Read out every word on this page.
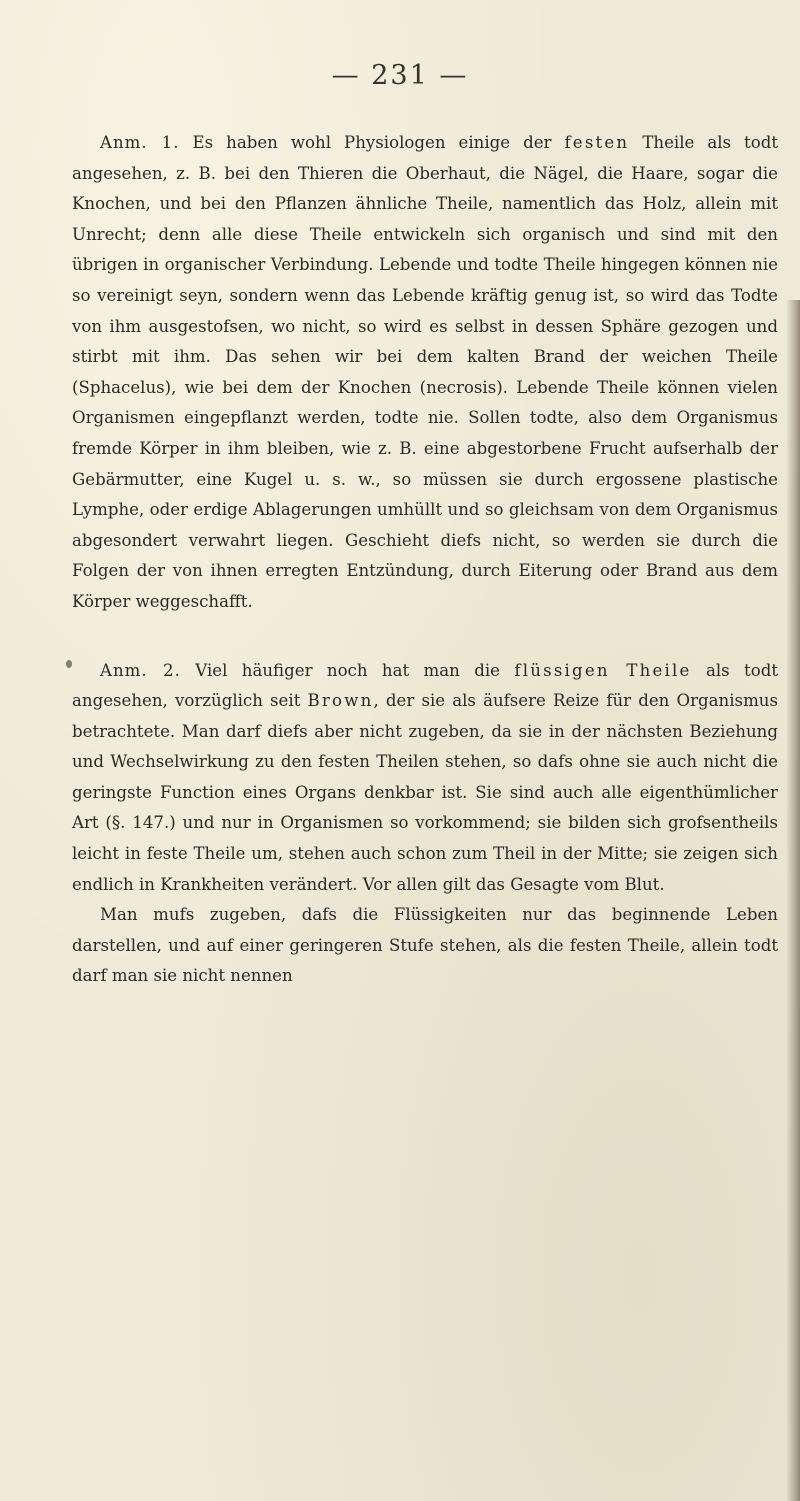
— 231 —

Anm. 1. Es haben wohl Physiologen einige der festen Theile als todt angesehen, z. B. bei den Thieren die Oberhaut, die Nägel, die Haare, sogar die Knochen, und bei den Pflanzen ähnliche Theile, namentlich das Holz, allein mit Unrecht; denn alle diese Theile entwickeln sich organisch und sind mit den übrigen in organischer Verbindung. Lebende und todte Theile hingegen können nie so vereinigt seyn, sondern wenn das Lebende kräftig genug ist, so wird das Todte von ihm ausgestofsen, wo nicht, so wird es selbst in dessen Sphäre gezogen und stirbt mit ihm. Das sehen wir bei dem kalten Brand der weichen Theile (Sphacelus), wie bei dem der Knochen (necrosis). Lebende Theile können vielen Organismen eingepflanzt werden, todte nie. Sollen todte, also dem Organismus fremde Körper in ihm bleiben, wie z. B. eine abgestorbene Frucht aufserhalb der Gebärmutter, eine Kugel u. s. w., so müssen sie durch ergossene plastische Lymphe, oder erdige Ablagerungen umhüllt und so gleichsam von dem Organismus abgesondert verwahrt liegen. Geschieht diefs nicht, so werden sie durch die Folgen der von ihnen erregten Entzündung, durch Eiterung oder Brand aus dem Körper weggeschafft.

Anm. 2. Viel häufiger noch hat man die flüssigen Theile als todt angesehen, vorzüglich seit Brown, der sie als äufsere Reize für den Organismus betrachtete. Man darf diefs aber nicht zugeben, da sie in der nächsten Beziehung und Wechselwirkung zu den festen Theilen stehen, so dafs ohne sie auch nicht die geringste Function eines Organs denkbar ist. Sie sind auch alle eigenthümlicher Art (§. 147.) und nur in Organismen so vorkommend; sie bilden sich grofsentheils leicht in feste Theile um, stehen auch schon zum Theil in der Mitte; sie zeigen sich endlich in Krankheiten verändert. Vor allen gilt das Gesagte vom Blut.

Man mufs zugeben, dafs die Flüssigkeiten nur das beginnende Leben darstellen, und auf einer geringeren Stufe stehen, als die festen Theile, allein todt darf man sie nicht nennen
